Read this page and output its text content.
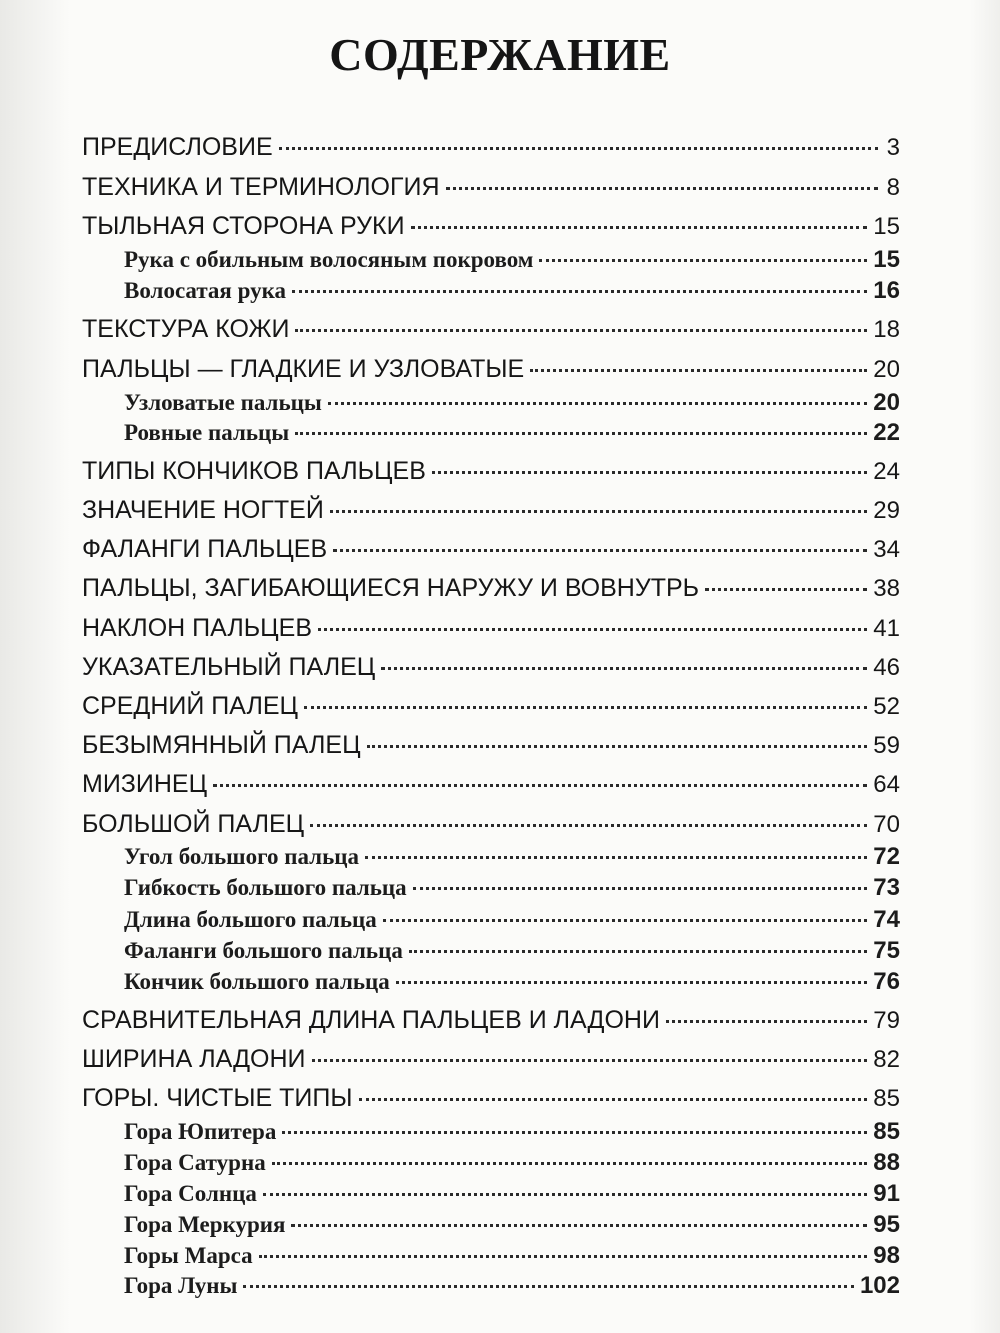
СОДЕРЖАНИЕ
ПРЕДИСЛОВИЕ	3
ТЕХНИКА И ТЕРМИНОЛОГИЯ	8
ТЫЛЬНАЯ СТОРОНА РУКИ	15
Рука с обильным волосяным покровом	15
Волосатая рука	16
ТЕКСТУРА КОЖИ	18
ПАЛЬЦЫ — ГЛАДКИЕ И УЗЛОВАТЫЕ	20
Узловатые пальцы	20
Ровные пальцы	22
ТИПЫ КОНЧИКОВ ПАЛЬЦЕВ	24
ЗНАЧЕНИЕ НОГТЕЙ	29
ФАЛАНГИ ПАЛЬЦЕВ	34
ПАЛЬЦЫ, ЗАГИБАЮЩИЕСЯ НАРУЖУ И ВОВНУТРЬ	38
НАКЛОН ПАЛЬЦЕВ	41
УКАЗАТЕЛЬНЫЙ ПАЛЕЦ	46
СРЕДНИЙ ПАЛЕЦ	52
БЕЗЫМЯННЫЙ ПАЛЕЦ	59
МИЗИНЕЦ	64
БОЛЬШОЙ ПАЛЕЦ	70
Угол большого пальца	72
Гибкость большого пальца	73
Длина большого пальца	74
Фаланги большого пальца	75
Кончик большого пальца	76
СРАВНИТЕЛЬНАЯ ДЛИНА ПАЛЬЦЕВ И ЛАДОНИ	79
ШИРИНА ЛАДОНИ	82
ГОРЫ. ЧИСТЫЕ ТИПЫ	85
Гора Юпитера	85
Гора Сатурна	88
Гора Солнца	91
Гора Меркурия	95
Горы Марса	98
Гора Луны	102
